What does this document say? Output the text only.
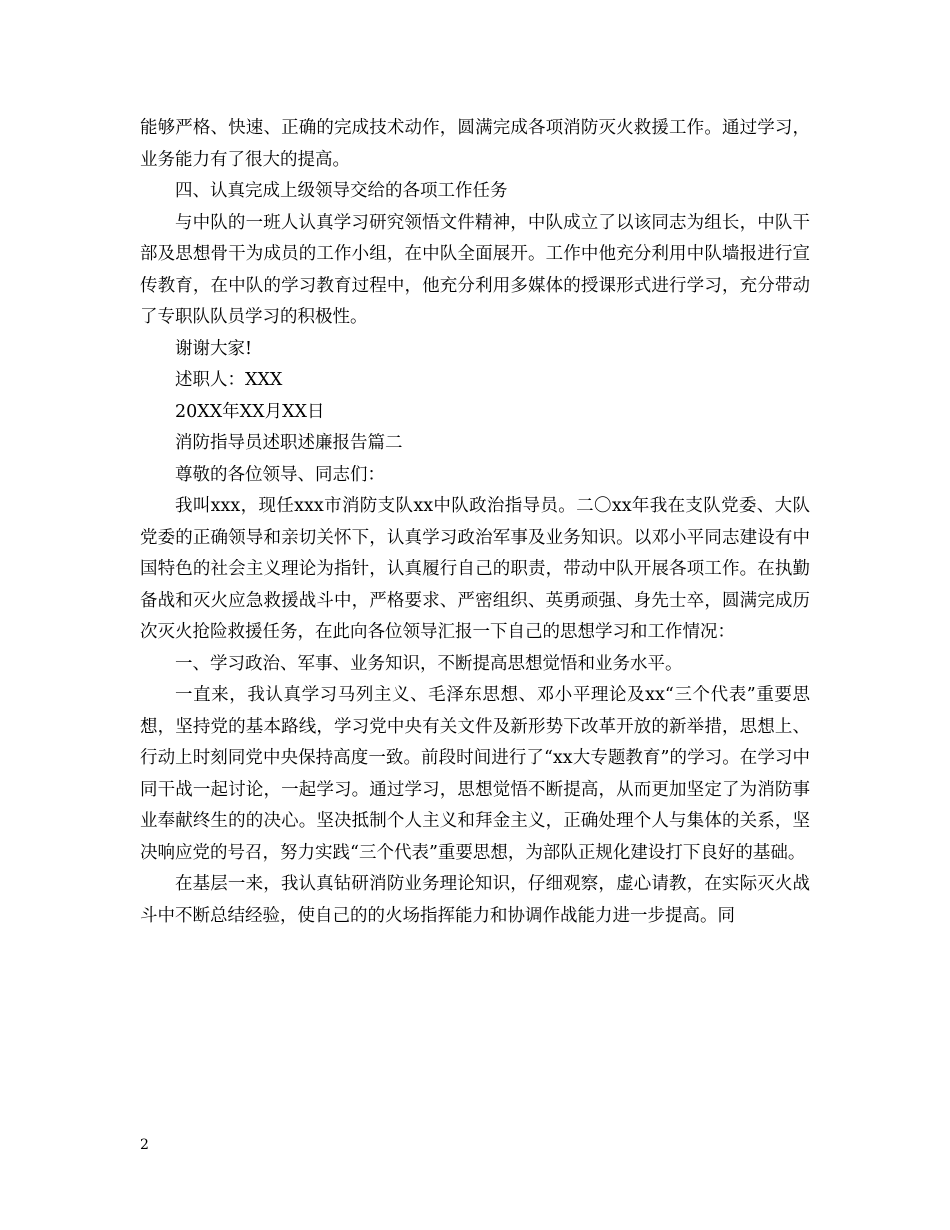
能够严格、快速、正确的完成技术动作，圆满完成各项消防灭火救援工作。通过学习，业务能力有了很大的提高。

四、认真完成上级领导交给的各项工作任务

与中队的一班人认真学习研究领悟文件精神，中队成立了以该同志为组长，中队干部及思想骨干为成员的工作小组，在中队全面展开。工作中他充分利用中队墙报进行宣传教育，在中队的学习教育过程中，他充分利用多媒体的授课形式进行学习，充分带动了专职队队员学习的积极性。

谢谢大家!

述职人：XXX

20XX年XX月XX日

消防指导员述职述廉报告篇二

尊敬的各位领导、同志们：

我叫xxx，现任xxx市消防支队xx中队政治指导员。二〇xx年我在支队党委、大队党委的正确领导和亲切关怀下，认真学习政治军事及业务知识。以邓小平同志建设有中国特色的社会主义理论为指针，认真履行自己的职责，带动中队开展各项工作。在执勤备战和灭火应急救援战斗中，严格要求、严密组织、英勇顽强、身先士卒，圆满完成历次灭火抢险救援任务，在此向各位领导汇报一下自己的思想学习和工作情况：

一、学习政治、军事、业务知识，不断提高思想觉悟和业务水平。

一直来，我认真学习马列主义、毛泽东思想、邓小平理论及xx“三个代表”重要思想，坚持党的基本路线，学习党中央有关文件及新形势下改革开放的新举措，思想上、行动上时刻同党中央保持高度一致。前段时间进行了“xx大专题教育”的学习。在学习中同干战一起讨论，一起学习。通过学习，思想觉悟不断提高，从而更加坚定了为消防事业奉献终生的的决心。坚决抵制个人主义和拜金主义，正确处理个人与集体的关系，坚决响应党的号召，努力实践“三个代表”重要思想，为部队正规化建设打下良好的基础。

在基层一来，我认真钻研消防业务理论知识，仔细观察，虚心请教，在实际灭火战斗中不断总结经验，使自己的的火场指挥能力和协调作战能力进一步提高。同

2
